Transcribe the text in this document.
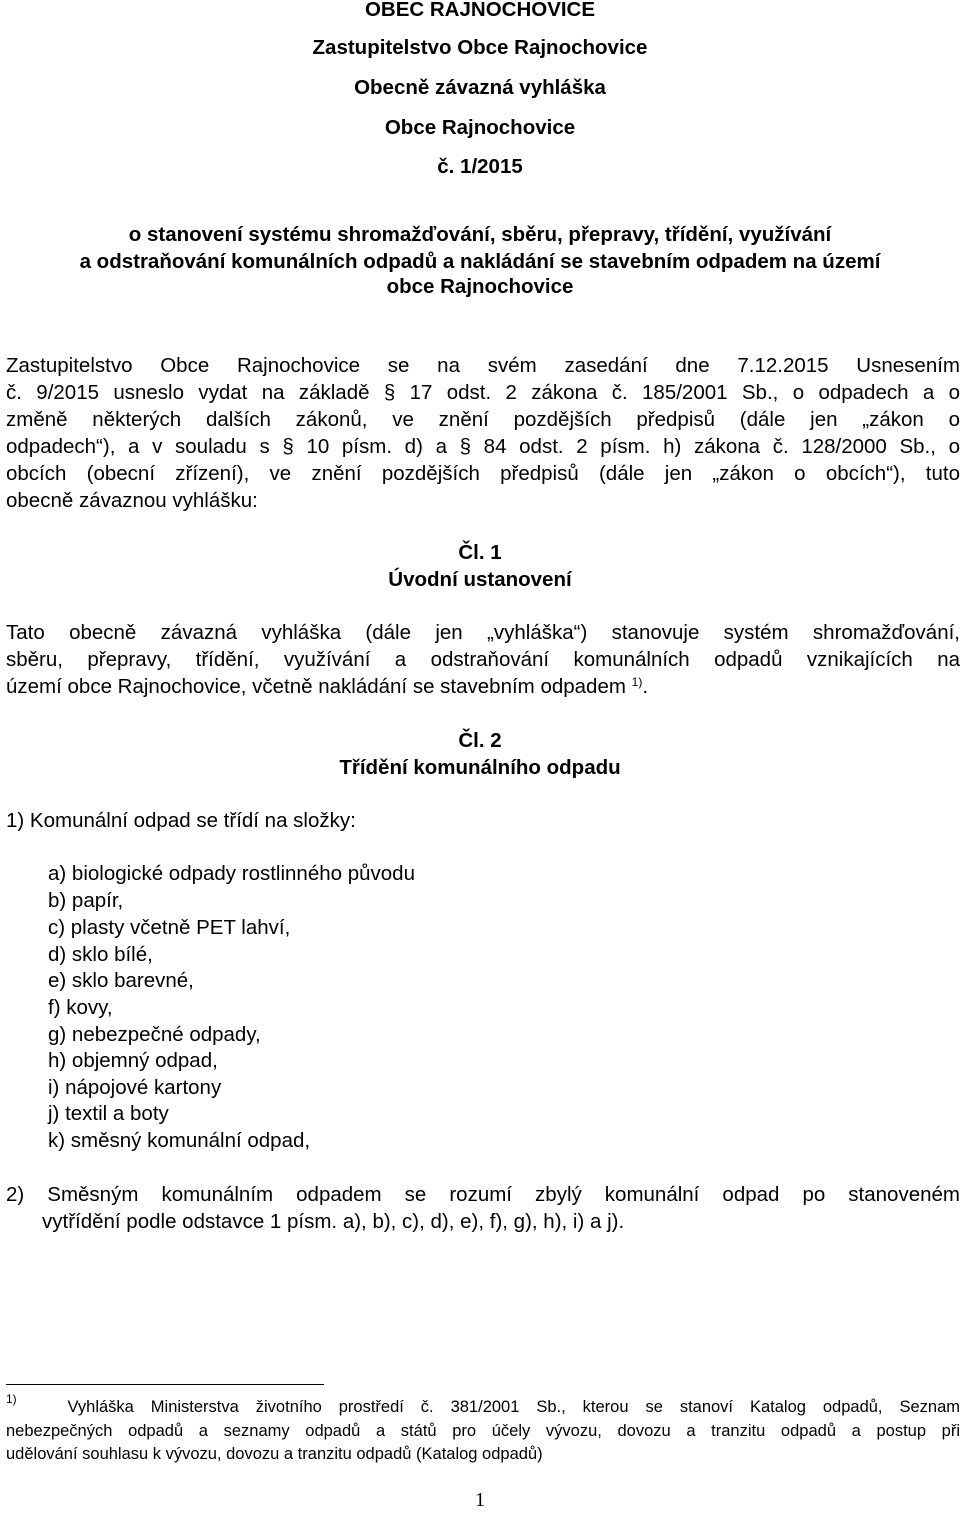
OBEC RAJNOCHOVICE
Zastupitelstvo Obce Rajnochovice
Obecně závazná vyhláška
Obce Rajnochovice
č. 1/2015
o stanovení systému shromažďování, sběru, přepravy, třídění, využívání
a odstraňování komunálních odpadů a nakládání se stavebním odpadem na území
obce Rajnochovice
Zastupitelstvo Obce Rajnochovice se na svém zasedání dne 7.12.2015 Usnesením
č. 9/2015 usneslo vydat na základě § 17 odst. 2 zákona č. 185/2001 Sb., o odpadech a o
změně některých dalších zákonů, ve znění pozdějších předpisů (dále jen „zákon o
odpadech“), a v souladu s § 10 písm. d) a § 84 odst. 2 písm. h) zákona č. 128/2000 Sb., o
obcích (obecní zřízení), ve znění pozdějších předpisů (dále jen „zákon o obcích“), tuto
obecně závaznou vyhlášku:
Čl. 1
Úvodní ustanovení
Tato obecně závazná vyhláška (dále jen „vyhláška“) stanovuje systém shromažďování,
sběru, přepravy, třídění, využívání a odstraňování komunálních odpadů vznikajících na
území obce Rajnochovice, včetně nakládání se stavebním odpadem $^{1)}$.
Čl. 2
Třídění komunálního odpadu
1) Komunální odpad se třídí na složky:
a) biologické odpady rostlinného původu
b) papír,
c) plasty včetně PET lahví,
d) sklo bílé,
e) sklo barevné,
f) kovy,
g) nebezpečné odpady,
h) objemný odpad,
i) nápojové kartony
j) textil a boty
k) směsný komunální odpad,
2) Směsným komunálním odpadem se rozumí zbylý komunální odpad po stanoveném
vytřídění podle odstavce 1 písm. a), b), c), d), e), f), g), h), i) a j).
$^{1)}$	Vyhláška Ministerstva životního prostředí č. 381/2001 Sb., kterou se stanoví Katalog odpadů, Seznam
nebezpečných odpadů a seznamy odpadů a států pro účely vývozu, dovozu a tranzitu odpadů a postup při
udělování souhlasu k vývozu, dovozu a tranzitu odpadů (Katalog odpadů)
1
